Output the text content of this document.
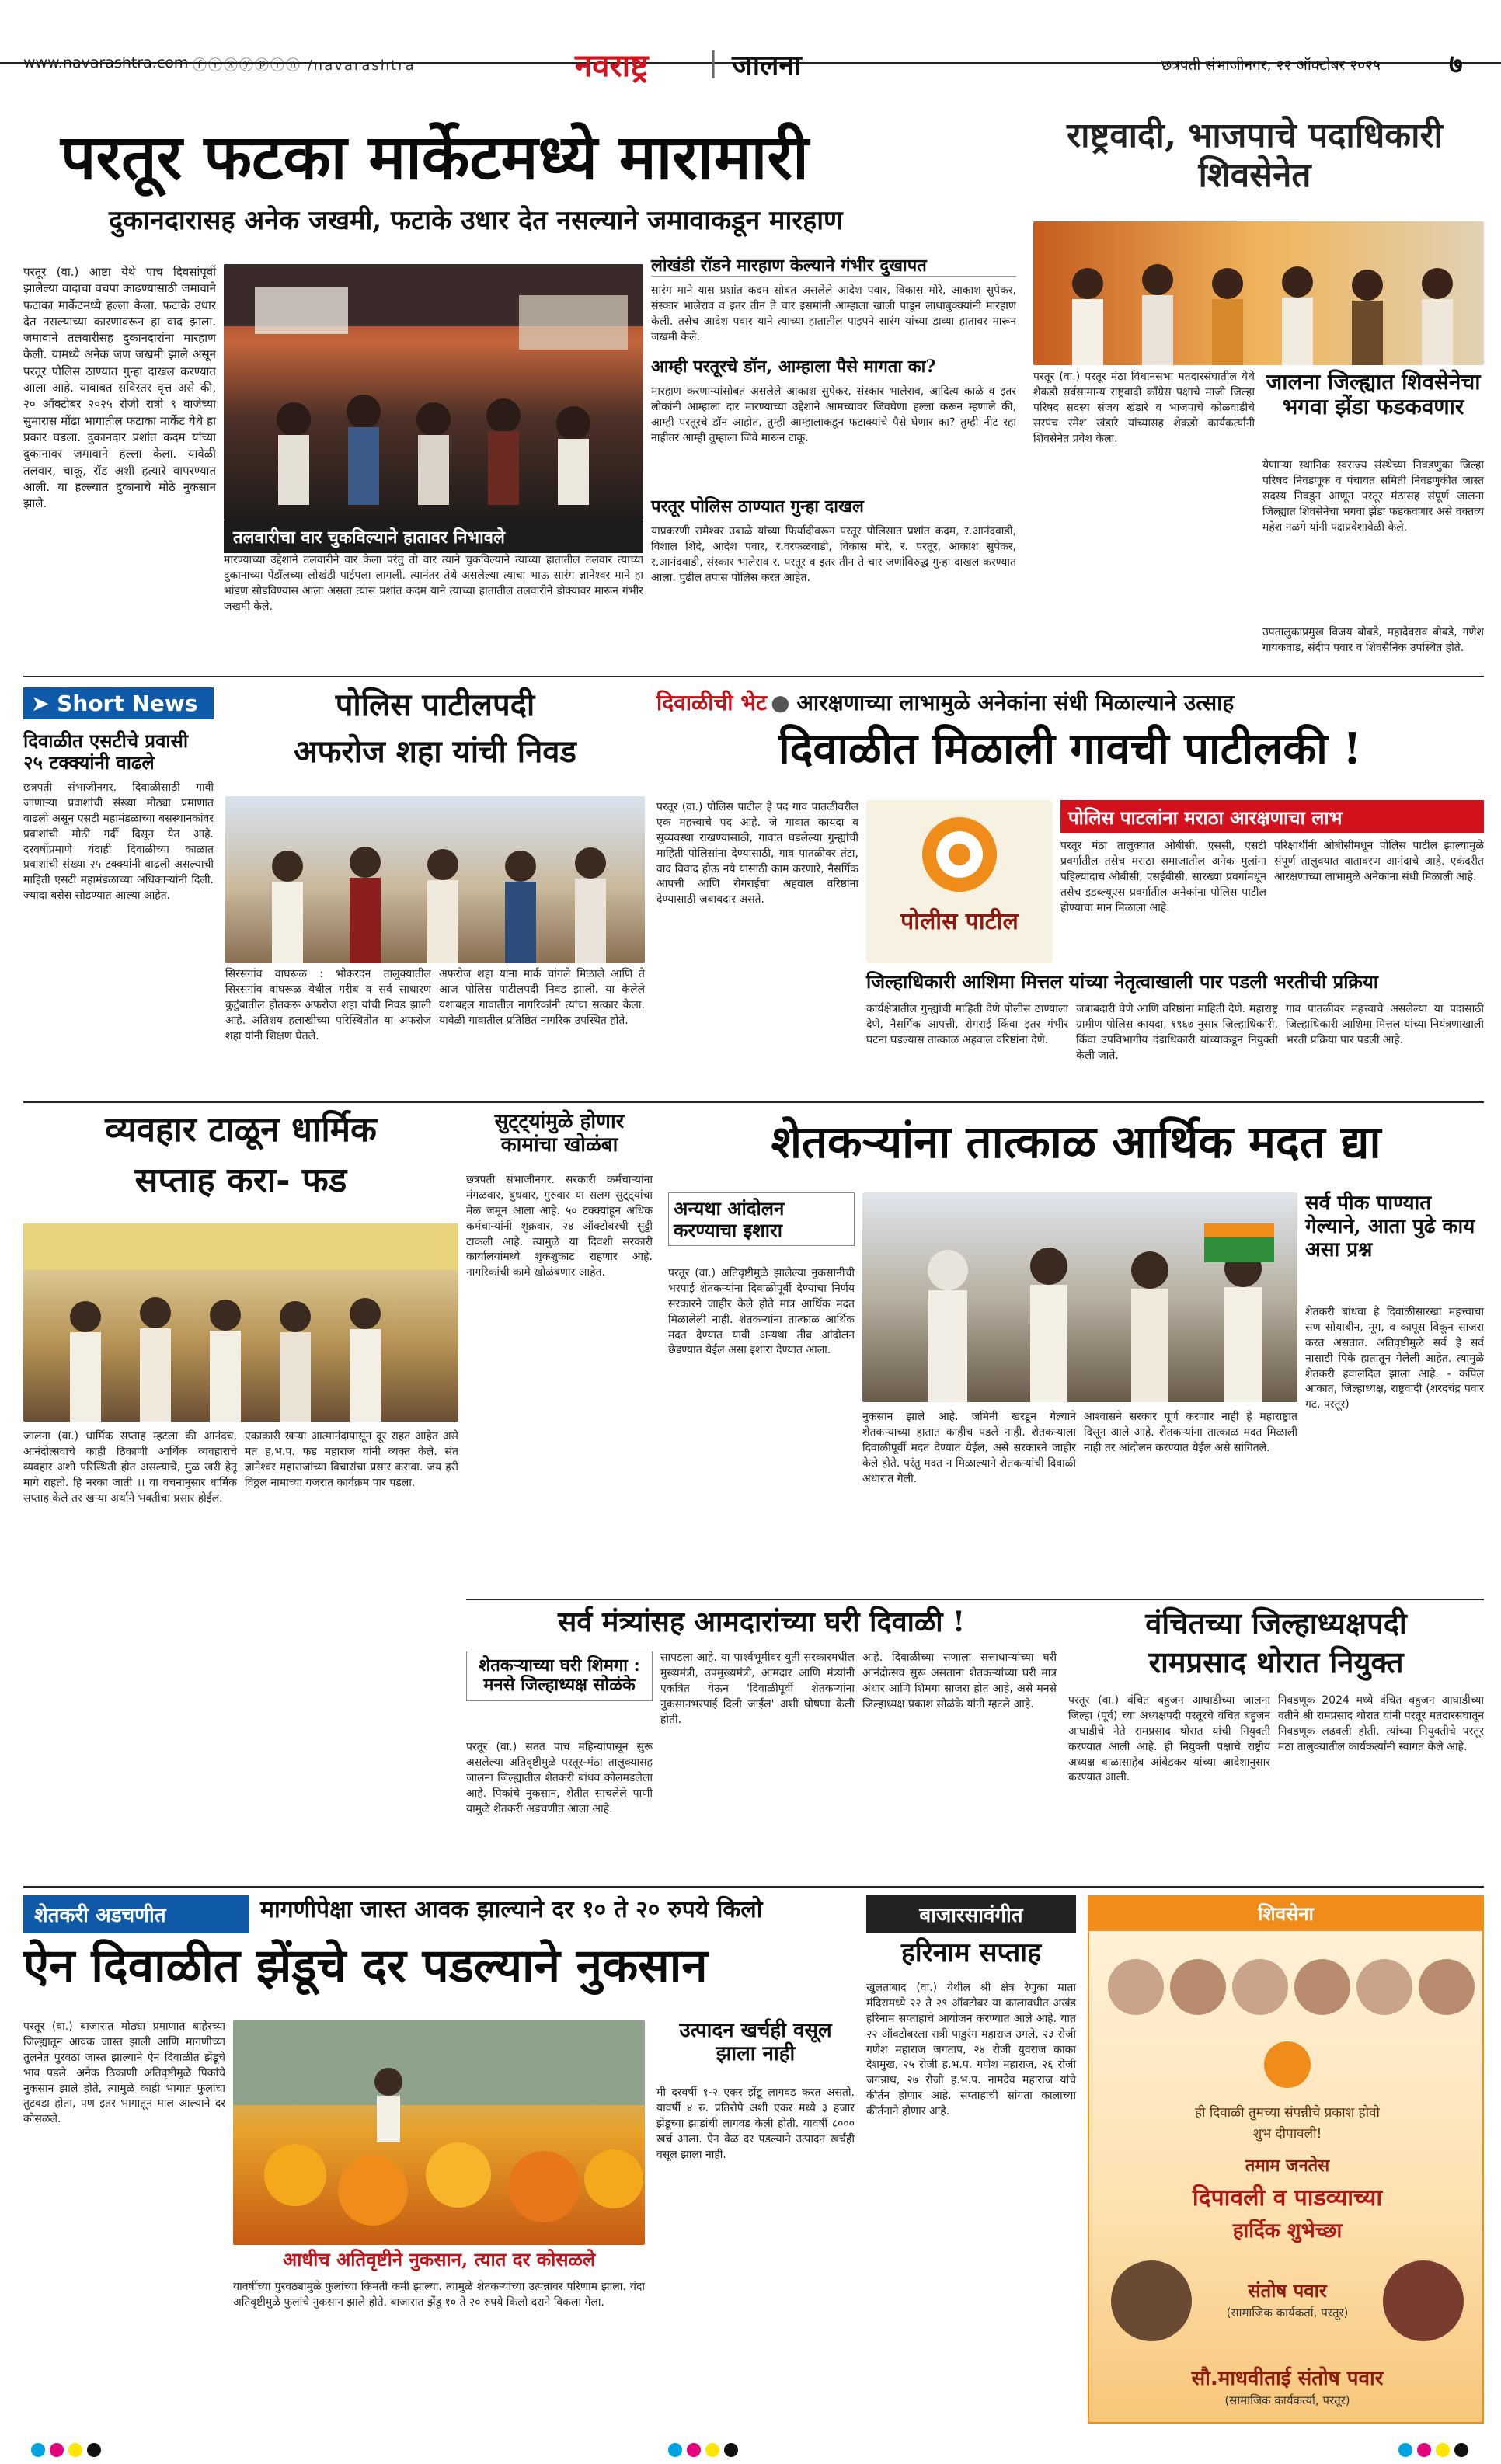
www.navarashtra.com ⓕⓘⓧⓨⓟⓘⓝ /navarashtra	नवराष्ट्र | जालना	छत्रपती संभाजीनगर, २२ ऑक्टोबर २०२५	७
परतूर फटका मार्केटमध्ये मारामारी
दुकानदारासह अनेक जखमी, फटाके उधार देत नसल्याने जमावाकडून मारहाण
परतूर (वा.) आष्टा येथे पाच दिवसांपूर्वी झालेल्या वादाचा वचपा काढण्यासाठी जमावाने फटाका मार्केटमध्ये हल्ला केला. फटाके उधार देत नसल्याच्या कारणावरून हा वाद झाला. जमावाने तलवारीसह दुकानदारांना मारहाण केली. यामध्ये अनेक जण जखमी झाले असून परतूर पोलिस ठाण्यात गुन्हा दाखल करण्यात आला आहे. याबाबत सविस्तर वृत्त असे की, २० ऑक्टोबर २०२५ रोजी रात्री ९ वाजेच्या सुमारास मोंढा भागातील फटाका मार्केट येथे हा प्रकार घडला. दुकानदार प्रशांत कदम यांच्या दुकानावर जमावाने हल्ला केला. यावेळी तलवार, चाकू, रॉड अशी हत्यारे वापरण्यात आली. या हल्ल्यात दुकानाचे मोठे नुकसान झाले.
तलवारीचा वार चुकविल्याने हातावर निभावले
मारण्याच्या उद्देशाने तलवारीने वार केला परंतु तो वार त्याने चुकविल्याने त्याच्या हातातील तलवार त्याच्या दुकानाच्या पेंडॉलच्या लोखंडी पाईपला लागली. त्यानंतर तेथे असलेल्या त्याचा भाऊ सारंग ज्ञानेश्वर माने हा भांडण सोडविण्यास आला असता त्यास प्रशांत कदम याने त्याच्या हातातील तलवारीने डोक्यावर मारून गंभीर जखमी केले.
लोखंडी रॉडने मारहाण केल्याने गंभीर दुखापत
सारंग माने यास प्रशांत कदम सोबत असलेले आदेश पवार, विकास मोरे, आकाश सुपेकर, संस्कार भालेराव व इतर तीन ते चार इसमांनी आम्हाला खाली पाडून लाथाबुक्क्यांनी मारहाण केली. तसेच आदेश पवार याने त्याच्या हातातील पाइपने सारंग यांच्या डाव्या हातावर मारून जखमी केले.
आम्ही परतूरचे डॉन, आम्हाला पैसे मागता का?
मारहाण करणाऱ्यांसोबत असलेले आकाश सुपेकर, संस्कार भालेराव, आदित्य काळे व इतर लोकांनी आम्हाला दार मारण्याच्या उद्देशाने आमच्यावर जिवघेणा हल्ला करून म्हणाले की, आम्ही परतूरचे डॉन आहोत, तुम्ही आम्हालाकडून फटाक्यांचे पैसे घेणार का? तुम्ही नीट रहा नाहीतर आम्ही तुम्हाला जिवे मारून टाकू.
परतूर पोलिस ठाण्यात गुन्हा दाखल
याप्रकरणी रामेश्वर उबाळे यांच्या फिर्यादीवरून परतूर पोलिसात प्रशांत कदम, र.आनंदवाडी, विशाल शिंदे, आदेश पवार, र.वरफळवाडी, विकास मोरे, र. परतूर, आकाश सुपेकर, र.आनंदवाडी, संस्कार भालेराव र. परतूर व इतर तीन ते चार जणांविरुद्ध गुन्हा दाखल करण्यात आला. पुढील तपास पोलिस करत आहेत.
राष्ट्रवादी, भाजपाचे पदाधिकारी शिवसेनेत
परतूर (वा.) परतूर मंठा विधानसभा मतदारसंघातील येथे शेकडो सर्वसामान्य राष्ट्रवादी काँग्रेस पक्षाचे माजी जिल्हा परिषद सदस्य संजय खंडारे व भाजपाचे कोळवाडीचे सरपंच रमेश खंडारे यांच्यासह शेकडो कार्यकर्त्यांनी शिवसेनेत प्रवेश केला.
जालना जिल्ह्यात शिवसेनेचा भगवा झेंडा फडकवणार
येणाऱ्या स्थानिक स्वराज्य संस्थेच्या निवडणुका जिल्हा परिषद निवडणूक व पंचायत समिती निवडणुकीत जास्त सदस्य निवडून आणून परतूर मंठासह संपूर्ण जालना जिल्ह्यात शिवसेनेचा भगवा झेंडा फडकवणार असे वक्तव्य महेश नळगे यांनी पक्षप्रवेशावेळी केले.
उपतालुकाप्रमुख विजय बोबडे, महादेवराव बोबडे, गणेश गायकवाड, संदीप पवार व शिवसैनिक उपस्थित होते.
➤ Short News
दिवाळीत एसटीचे प्रवासी २५ टक्क्यांनी वाढले
छत्रपती संभाजीनगर. दिवाळीसाठी गावी जाणाऱ्या प्रवाशांची संख्या मोठ्या प्रमाणात वाढली असून एसटी महामंडळाच्या बसस्थानकांवर प्रवाशांची मोठी गर्दी दिसून येत आहे. दरवर्षीप्रमाणे यंदाही दिवाळीच्या काळात प्रवाशांची संख्या २५ टक्क्यांनी वाढली असल्याची माहिती एसटी महामंडळाच्या अधिकाऱ्यांनी दिली. ज्यादा बसेस सोडण्यात आल्या आहेत.
पोलिस पाटीलपदी
अफरोज शहा यांची निवड
सिरसगांव वाघरूळ : भोकरदन तालुक्यातील सिरसगांव वाघरूळ येथील गरीब व सर्व साधारण कुटुंबातील होतकरू अफरोज शहा यांची निवड झाली आहे. अतिशय हलाखीच्या परिस्थितीत या अफरोज शहा यांनी शिक्षण घेतले.
अफरोज शहा यांना मार्क चांगले मिळाले आणि ते आज पोलिस पाटीलपदी निवड झाली. या केलेले यशाबद्दल गावातील नागरिकांनी त्यांचा सत्कार केला. यावेळी गावातील प्रतिष्ठित नागरिक उपस्थित होते.
दिवाळीची भेट ● आरक्षणाच्या लाभामुळे अनेकांना संधी मिळाल्याने उत्साह
दिवाळीत मिळाली गावची पाटीलकी !
परतूर (वा.) पोलिस पाटील हे पद गाव पातळीवरील एक महत्त्वाचे पद आहे. जे गावात कायदा व सुव्यवस्था राखण्यासाठी, गावात घडलेल्या गुन्ह्यांची माहिती पोलिसांना देण्यासाठी, गाव पातळीवर तंटा, वाद विवाद होऊ नये यासाठी काम करणारे, नैसर्गिक आपत्ती आणि रोगराईचा अहवाल वरिष्ठांना देण्यासाठी जबाबदार असते.
पोलीस पाटील
पोलिस पाटलांना मराठा आरक्षणाचा लाभ
परतूर मंठा तालुक्यात ओबीसी, एससी, एसटी प्रवर्गातील तसेच मराठा समाजातील अनेक मुलांना पहिल्यांदाच ओबीसी, एसईबीसी, सारख्या प्रवर्गामधून तसेच इडब्ल्यूएस प्रवर्गातील अनेकांना पोलिस पाटील होण्याचा मान मिळाला आहे.
परिक्षार्थींनी ओबीसीमधून पोलिस पाटील झाल्यामुळे संपूर्ण तालुक्यात वातावरण आनंदाचे आहे. एकंदरीत आरक्षणाच्या लाभामुळे अनेकांना संधी मिळाली आहे.
जिल्हाधिकारी आशिमा मित्तल यांच्या नेतृत्वाखाली पार पडली भरतीची प्रक्रिया
कार्यक्षेत्रातील गुन्ह्यांची माहिती देणे पोलीस ठाण्याला देणे, नैसर्गिक आपत्ती, रोगराई किंवा इतर गंभीर घटना घडल्यास तात्काळ अहवाल वरिष्ठांना देणे.
जबाबदारी घेणे आणि वरिष्ठांना माहिती देणे. महाराष्ट्र ग्रामीण पोलिस कायदा, १९६७ नुसार जिल्हाधिकारी, किंवा उपविभागीय दंडाधिकारी यांच्याकडून नियुक्ती केली जाते.
गाव पातळीवर महत्त्वाचे असलेल्या या पदासाठी जिल्हाधिकारी आशिमा मित्तल यांच्या नियंत्रणाखाली भरती प्रक्रिया पार पडली आहे.
व्यवहार टाळून धार्मिक
सप्ताह करा- फड
जालना (वा.) धार्मिक सप्ताह म्हटला की आनंदच, आनंदोत्सवाचे काही ठिकाणी आर्थिक व्यवहाराचे व्यवहार अशी परिस्थिती होत असल्याचे, मुळ खरी हेतू मागे राहतो. हि नरका जाती ।। या वचनानुसार धार्मिक सप्ताह केले तर खऱ्या अर्थाने भक्तीचा प्रसार होईल.
एकाकारी खऱ्या आत्मानंदापासून दूर राहत आहेत असे मत ह.भ.प. फड महाराज यांनी व्यक्त केले. संत ज्ञानेश्वर महाराजांच्या विचारांचा प्रसार करावा. जय हरी विठ्ठल नामाच्या गजरात कार्यक्रम पार पडला.
सुट्ट्यांमुळे होणार कामांचा खोळंबा
छत्रपती संभाजीनगर. सरकारी कर्मचाऱ्यांना मंगळवार, बुधवार, गुरुवार या सलग सुट्ट्यांचा मेळ जमून आला आहे. ५० टक्क्यांहून अधिक कर्मचाऱ्यांनी शुक्रवार, २४ ऑक्टोबरची सुट्टी टाकली आहे. त्यामुळे या दिवशी सरकारी कार्यालयांमध्ये शुकशुकाट राहणार आहे. नागरिकांची कामे खोळंबणार आहेत.
शेतकऱ्यांना तात्काळ आर्थिक मदत द्या
अन्यथा आंदोलन करण्याचा इशारा
परतूर (वा.) अतिवृष्टीमुळे झालेल्या नुकसानीची भरपाई शेतकऱ्यांना दिवाळीपूर्वी देण्याचा निर्णय सरकारने जाहीर केले होते मात्र आर्थिक मदत मिळालेली नाही. शेतकऱ्यांना तात्काळ आर्थिक मदत देण्यात यावी अन्यथा तीव्र आंदोलन छेडण्यात येईल असा इशारा देण्यात आला.
नुकसान झाले आहे. जमिनी खरडून गेल्याने शेतकऱ्याच्या हातात काहीच पडले नाही. शेतकऱ्याला दिवाळीपूर्वी मदत देण्यात येईल, असे सरकारने जाहीर केले होते. परंतु मदत न मिळाल्याने शेतकऱ्यांची दिवाळी अंधारात गेली.
आश्वासने सरकार पूर्ण करणार नाही हे महाराष्ट्रात दिसून आले आहे. शेतकऱ्यांना तात्काळ मदत मिळाली नाही तर आंदोलन करण्यात येईल असे सांगितले.
सर्व पीक पाण्यात गेल्याने, आता पुढे काय असा प्रश्न
शेतकरी बांधवा हे दिवाळीसारखा महत्त्वाचा सण सोयाबीन, मूग, व कापूस विकून साजरा करत असतात. अतिवृष्टीमुळे सर्व हे सर्व नासाडी पिके हातातून गेलेली आहेत. त्यामुळे शेतकरी हवालदिल झाला आहे. - कपिल आकात, जिल्हाध्यक्ष, राष्ट्रवादी (शरदचंद्र पवार गट, परतूर)
सर्व मंत्र्यांसह आमदारांच्या घरी दिवाळी !
शेतकऱ्याच्या घरी शिमगा : मनसे जिल्हाध्यक्ष सोळंके
परतूर (वा.) सतत पाच महिन्यांपासून सुरू असलेल्या अतिवृष्टीमुळे परतूर-मंठा तालुक्यासह जालना जिल्ह्यातील शेतकरी बांधव कोलमडलेला आहे. पिकांचे नुकसान, शेतीत साचलेले पाणी यामुळे शेतकरी अडचणीत आला आहे.
सापडला आहे. या पार्श्वभूमीवर युती सरकारमधील मुख्यमंत्री, उपमुख्यमंत्री, आमदार आणि मंत्र्यांनी एकत्रित येऊन 'दिवाळीपूर्वी शेतकऱ्यांना नुकसानभरपाई दिली जाईल' अशी घोषणा केली होती.
आहे. दिवाळीच्या सणाला सत्ताधाऱ्यांच्या घरी आनंदोत्सव सुरू असताना शेतकऱ्यांच्या घरी मात्र अंधार आणि शिमगा साजरा होत आहे, असे मनसे जिल्हाध्यक्ष प्रकाश सोळंके यांनी म्हटले आहे.
वंचितच्या जिल्हाध्यक्षपदी
रामप्रसाद थोरात नियुक्त
परतूर (वा.) वंचित बहुजन आघाडीच्या जालना जिल्हा (पूर्व) च्या अध्यक्षपदी परतूरचे वंचित बहुजन आघाडीचे नेते रामप्रसाद थोरात यांची नियुक्ती करण्यात आली आहे. ही नियुक्ती पक्षाचे राष्ट्रीय अध्यक्ष बाळासाहेब आंबेडकर यांच्या आदेशानुसार करण्यात आली.
निवडणूक 2024 मध्ये वंचित बहुजन आघाडीच्या वतीने श्री रामप्रसाद थोरात यांनी परतूर मतदारसंघातून निवडणूक लढवली होती. त्यांच्या नियुक्तीचे परतूर मंठा तालुक्यातील कार्यकर्त्यांनी स्वागत केले आहे.
शेतकरी अडचणीत	मागणीपेक्षा जास्त आवक झाल्याने दर १० ते २० रुपये किलो
ऐन दिवाळीत झेंडूचे दर पडल्याने नुकसान
परतूर (वा.) बाजारात मोठ्या प्रमाणात बाहेरच्या जिल्ह्यातून आवक जास्त झाली आणि मागणीच्या तुलनेत पुरवठा जास्त झाल्याने ऐन दिवाळीत झेंडूचे भाव पडले. अनेक ठिकाणी अतिवृष्टीमुळे पिकांचे नुकसान झाले होते, त्यामुळे काही भागात फुलांचा तुटवडा होता, पण इतर भागातून माल आल्याने दर कोसळले.
आधीच अतिवृष्टीने नुकसान, त्यात दर कोसळले
यावर्षीच्या पुरवठ्यामुळे फुलांच्या किमती कमी झाल्या. त्यामुळे शेतकऱ्यांच्या उत्पन्नावर परिणाम झाला. यंदा अतिवृष्टीमुळे फुलांचे नुकसान झाले होते. बाजारात झेंडू १० ते २० रुपये किलो दराने विकला गेला.
उत्पादन खर्चही वसूल झाला नाही
मी दरवर्षी १-२ एकर झेंडू लागवड करत असतो. यावर्षी ४ रु. प्रतिरोपे अशी एकर मध्ये ३ हजार झेंडूच्या झाडांची लागवड केली होती. यावर्षी ८००० खर्च आला. ऐन वेळ दर पडल्याने उत्पादन खर्चही वसूल झाला नाही.
बाजारसावंगीत
हरिनाम सप्ताह
खुलताबाद (वा.) येथील श्री क्षेत्र रेणुका माता मंदिरामध्ये २२ ते २९ ऑक्टोबर या कालावधीत अखंड हरिनाम सप्ताहाचे आयोजन करण्यात आले आहे. यात २२ ऑक्टोबरला रात्री पाडुरंग महाराज उगले, २३ रोजी गणेश महाराज जगताप, २४ रोजी युवराज काका देशमुख, २५ रोजी ह.भ.प. गणेश महाराज, २६ रोजी जगन्नाथ, २७ रोजी ह.भ.प. नामदेव महाराज यांचे कीर्तन होणार आहे. सप्ताहाची सांगता कालाच्या कीर्तनाने होणार आहे.
शिवसेना
ही दिवाळी तुमच्या संपन्नीचे प्रकाश होवो
शुभ दीपावली!
तमाम जनतेस
दिपावली व पाडव्याच्या
हार्दिक शुभेच्छा
संतोष पवार
(सामाजिक कार्यकर्ता, परतूर)
सौ.माधवीताई संतोष पवार
(सामाजिक कार्यकर्त्या, परतूर)
